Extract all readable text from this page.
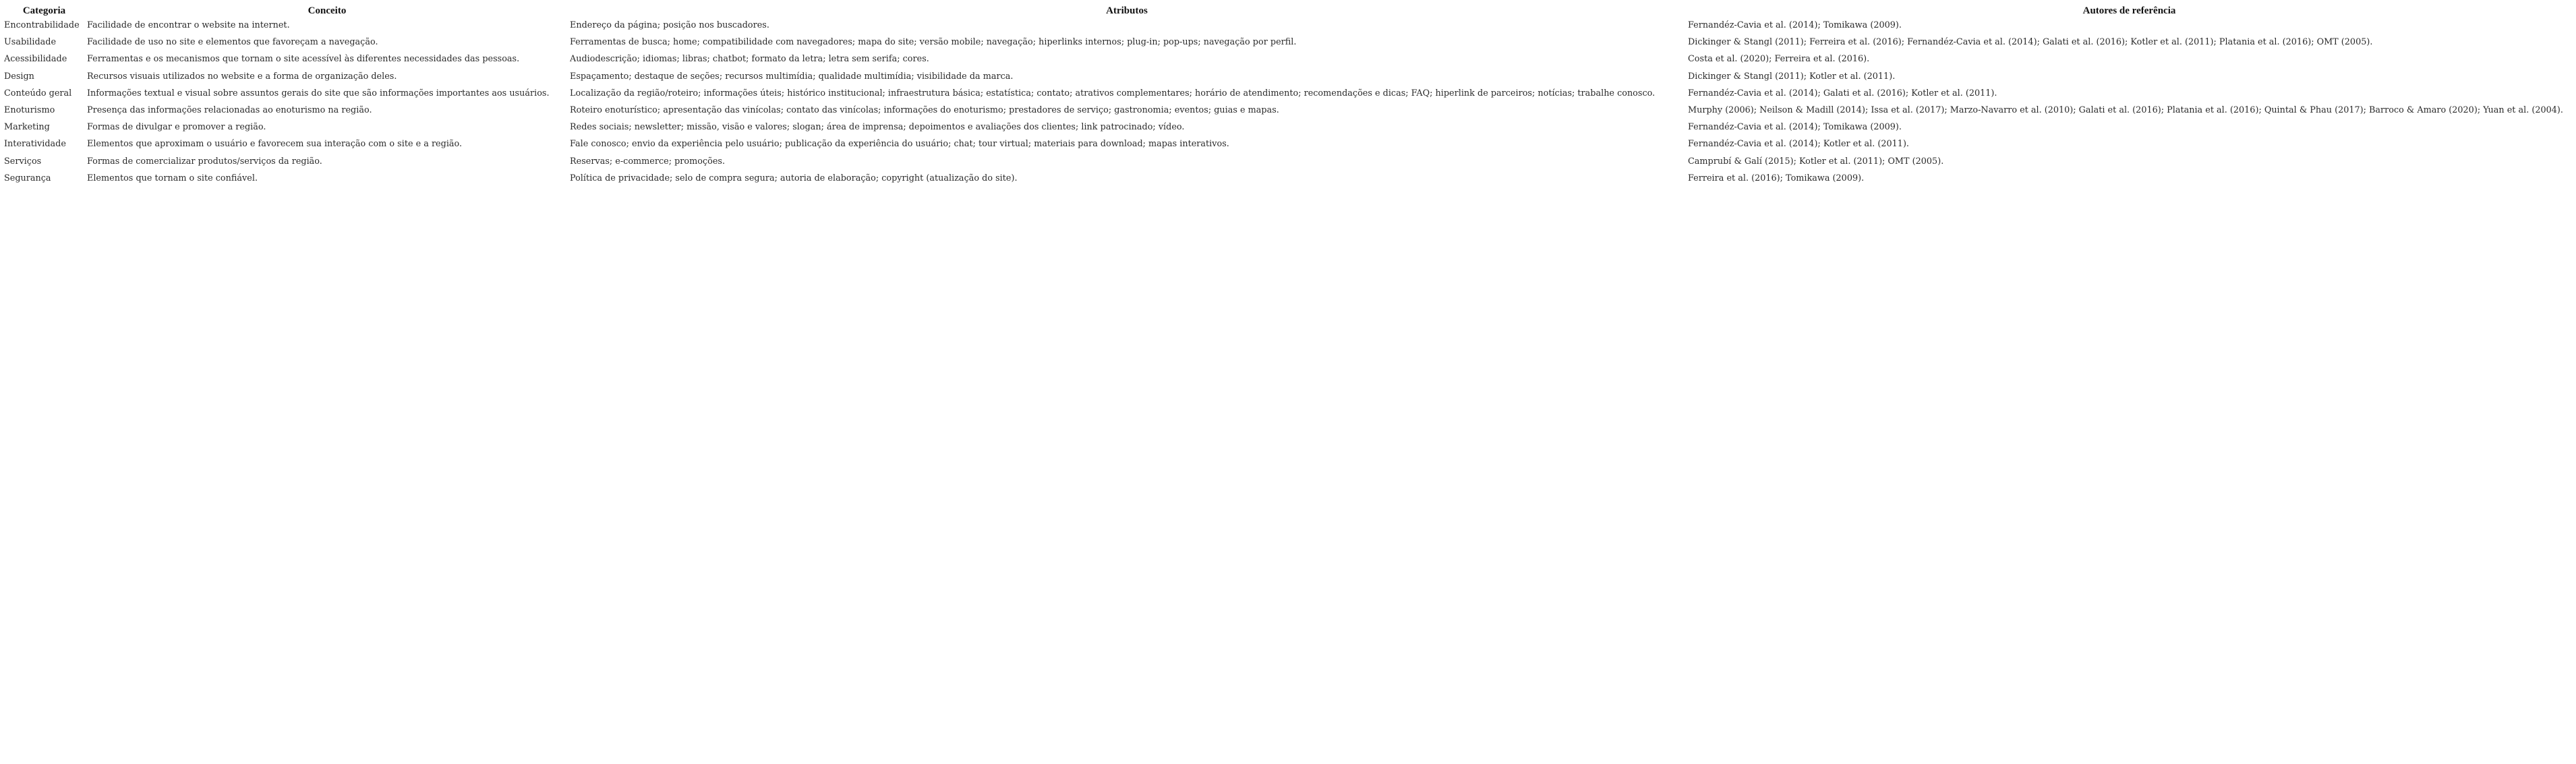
Categoria	Conceito	Atributos	Autores de referência
Encontrabilidade	Facilidade de encontrar o website na internet.	Endereço da página; posição nos buscadores.	Fernandéz-Cavia et al. (2014); Tomikawa (2009).
Usabilidade	Facilidade de uso no site e elementos que favoreçam a navegação.	Ferramentas de busca; home; compatibilidade com navegadores; mapa do site; versão mobile; navegação; hiperlinks internos; plug-in; pop-ups; navegação por perfil.	Dickinger & Stangl (2011); Ferreira et al. (2016); Fernandéz-Cavia et al. (2014); Galati et al. (2016); Kotler et al. (2011); Plataniа et al. (2016); OMT (2005).
Acessibilidade	Ferramentas e os mecanismos que tornam o site acessível às diferentes necessidades das pessoas.	Audiodescrição; idiomas; libras; chatbot; formato da letra; letra sem serifa; cores.	Costa et al. (2020); Ferreira et al. (2016).
Design	Recursos visuais utilizados no website e a forma de organização deles.	Espaçamento; destaque de seções; recursos multimídia; qualidade multimídia; visibilidade da marca.	Dickinger & Stangl (2011); Kotler et al. (2011).
Conteúdo geral	Informações textual e visual sobre assuntos gerais do site que são informações importantes aos usuários.	Localização da região/roteiro; informações úteis; histórico institucional; infraestrutura básica; estatística; contato; atrativos complementares; horário de atendimento; recomendações e dicas; FAQ; hiperlink de parceiros; notícias; trabalhe conosco.	Fernandéz-Cavia et al. (2014); Galati et al. (2016); Kotler et al. (2011).
Enoturismo	Presença das informações relacionadas ao enoturismo na região.	Roteiro enoturístico; apresentação das vinícolas; contato das vinícolas; informações do enoturismo; prestadores de serviço; gastronomia; eventos; guias e mapas.	Murphy (2006); Neilson & Madill (2014); Issa et al. (2017); Marzo-Navarro et al. (2010); Galati et al. (2016); Plataniа et al. (2016); Quintal & Phau (2017); Barroco & Amaro (2020); Yuan et al. (2004).
Marketing	Formas de divulgar e promover a região.	Redes sociais; newsletter; missão, visão e valores; slogan; área de imprensa; depoimentos e avaliações dos clientes; link patrocinado; vídeo.	Fernandéz-Cavia et al. (2014); Tomikawa (2009).
Interatividade	Elementos que aproximam o usuário e favorecem sua interação com o site e a região.	Fale conosco; envio da experiência pelo usuário; publicação da experiência do usuário; chat; tour virtual; materiais para download; mapas interativos.	Fernandéz-Cavia et al. (2014); Kotler et al. (2011).
Serviços	Formas de comercializar produtos/serviços da região.	Reservas; e-commerce; promoções.	Camprubí & Galí (2015); Kotler et al. (2011); OMT (2005).
Segurança	Elementos que tornam o site confiável.	Política de privacidade; selo de compra segura; autoria de elaboração; copyright (atualização do site).	Ferreira et al. (2016); Tomikawa (2009).
